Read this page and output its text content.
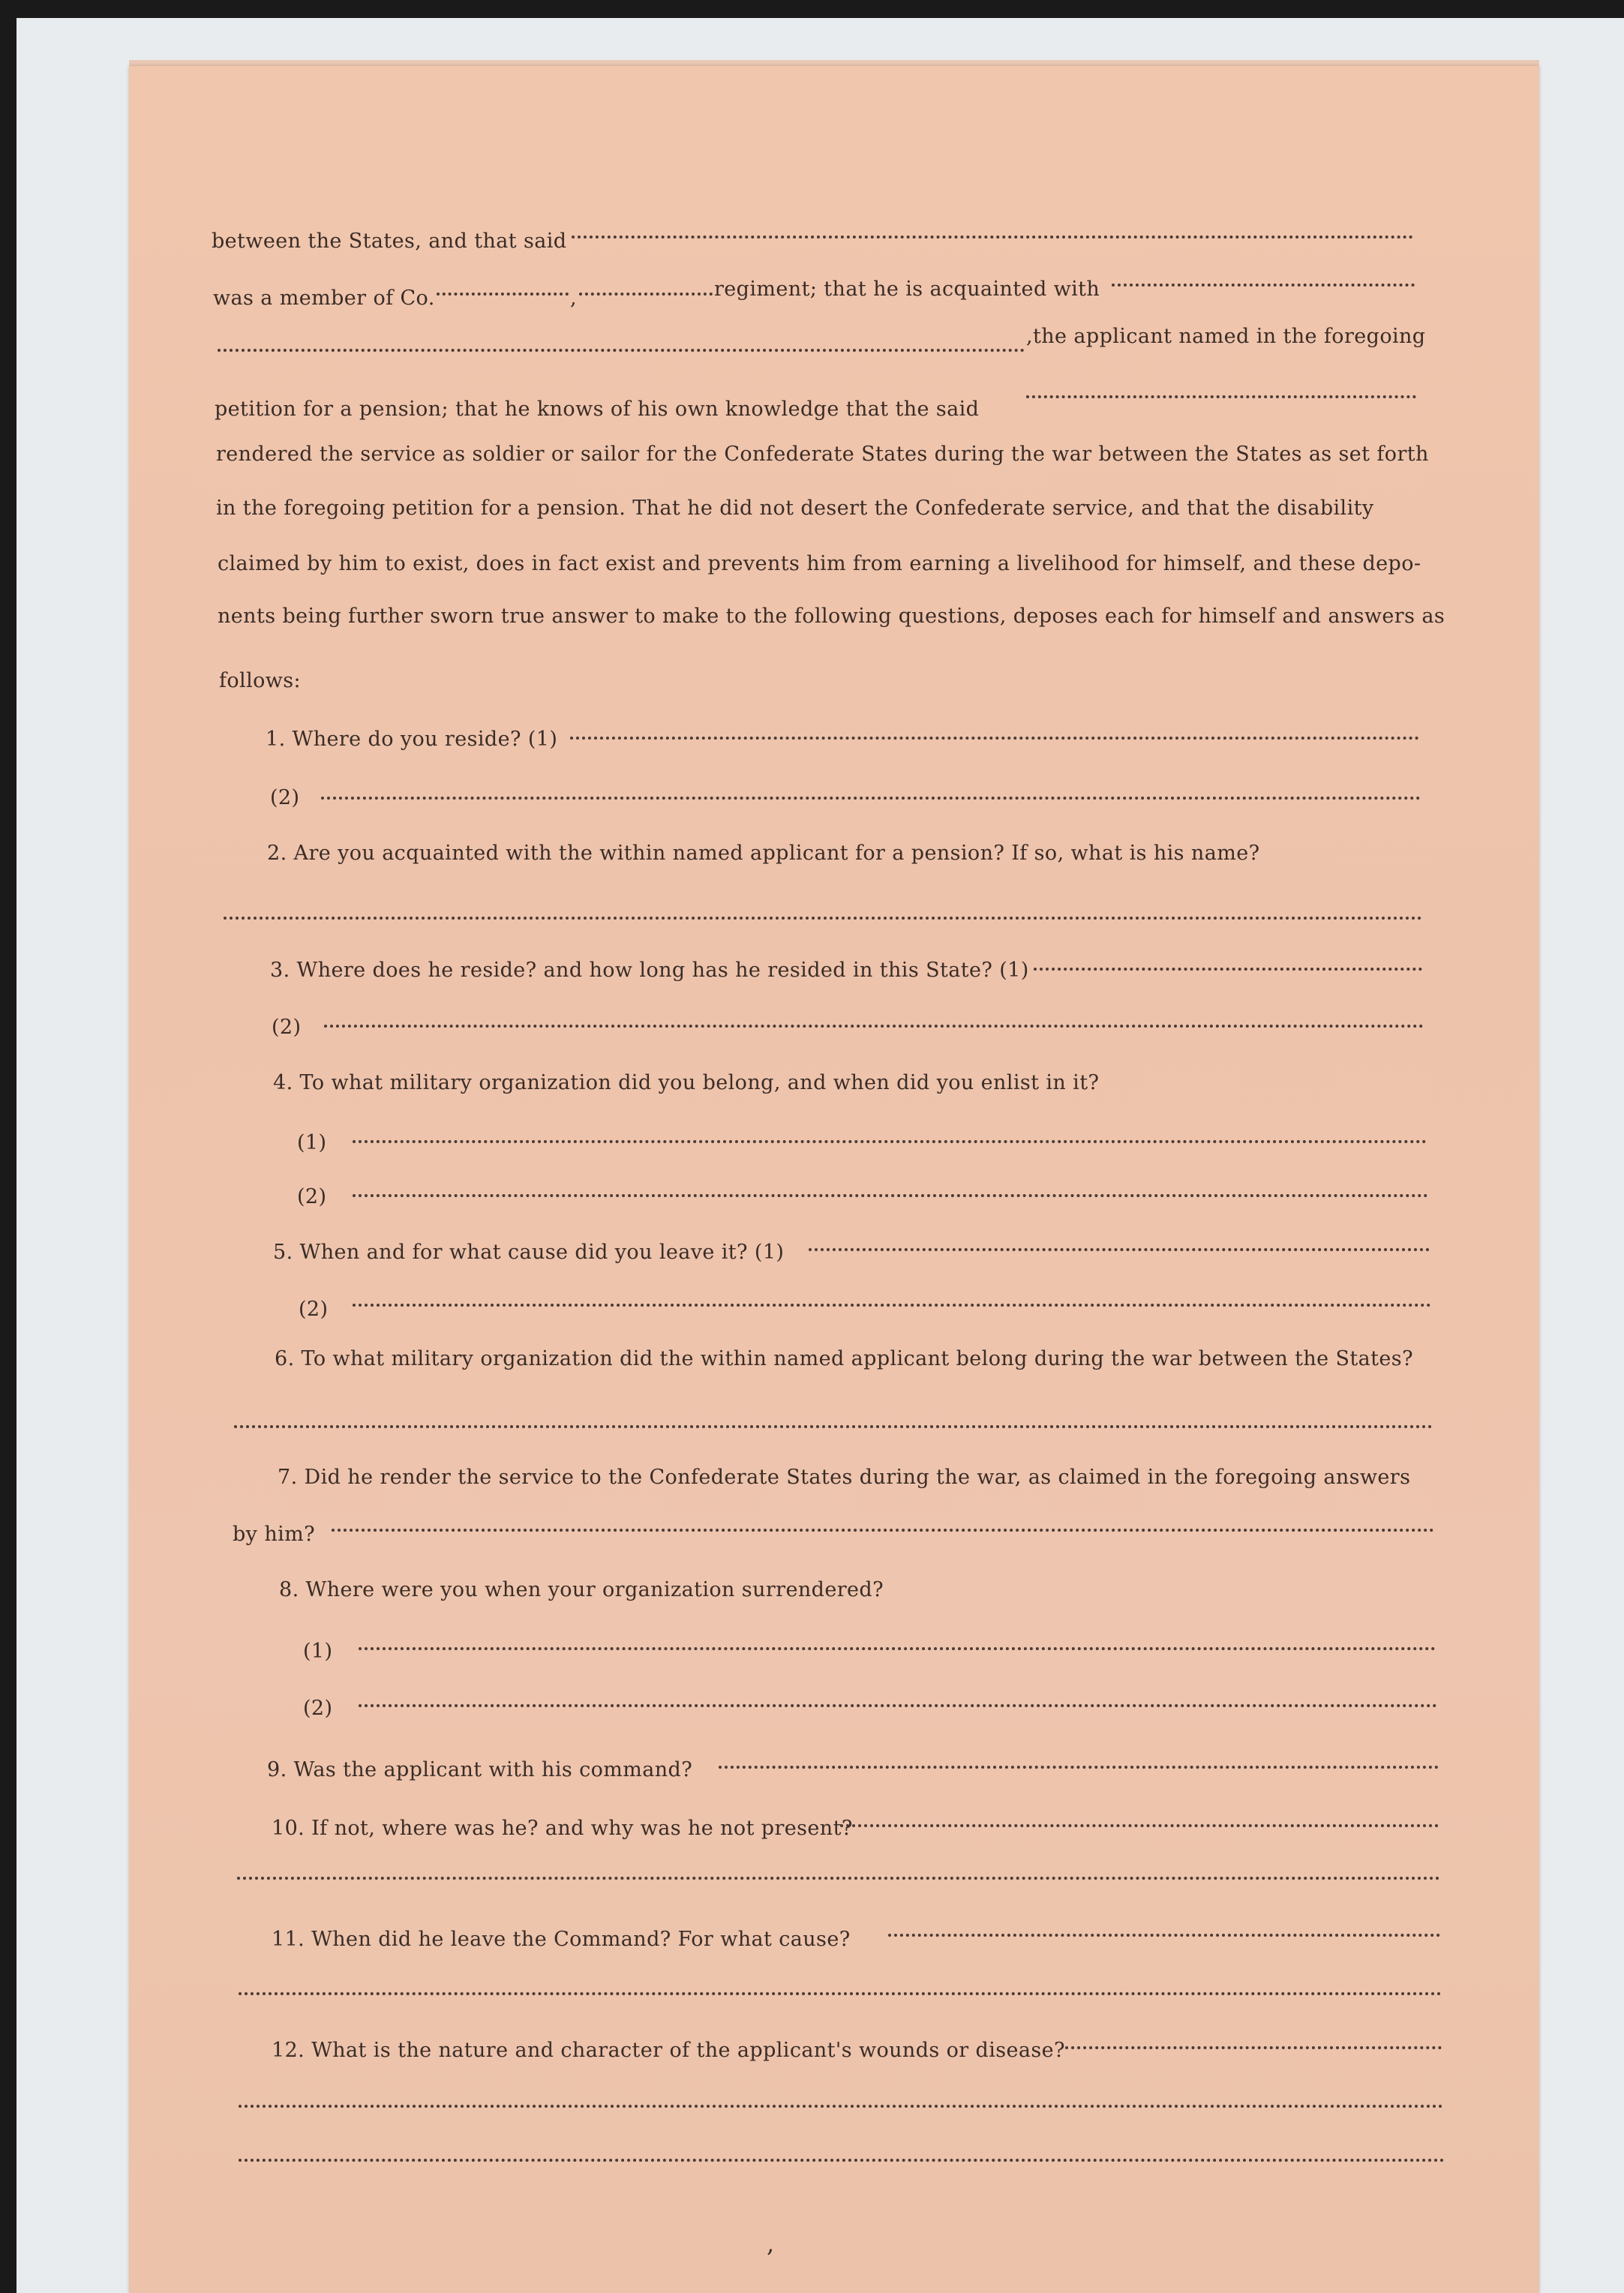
between the States, and that said
was a member of Co.	,	regiment; that he is acquainted with
,the applicant named in the foregoing
petition for a pension; that he knows of his own knowledge that the said
rendered the service as soldier or sailor for the Confederate States during the war between the States as set forth
in the foregoing petition for a pension. That he did not desert the Confederate service, and that the disability
claimed by him to exist, does in fact exist and prevents him from earning a livelihood for himself, and these depo-
nents being further sworn true answer to make to the following questions, deposes each for himself and answers as
follows:
1. Where do you reside? (1)
(2)
2. Are you acquainted with the within named applicant for a pension? If so, what is his name?
3. Where does he reside? and how long has he resided in this State? (1)
(2)
4. To what military organization did you belong, and when did you enlist in it?
(1)
(2)
5. When and for what cause did you leave it? (1)
(2)
6. To what military organization did the within named applicant belong during the war between the States?
7. Did he render the service to the Confederate States during the war, as claimed in the foregoing answers
by him?
8. Where were you when your organization surrendered?
(1)
(2)
9. Was the applicant with his command?
10. If not, where was he? and why was he not present?
11. When did he leave the Command? For what cause?
12. What is the nature and character of the applicant's wounds or disease?
,
